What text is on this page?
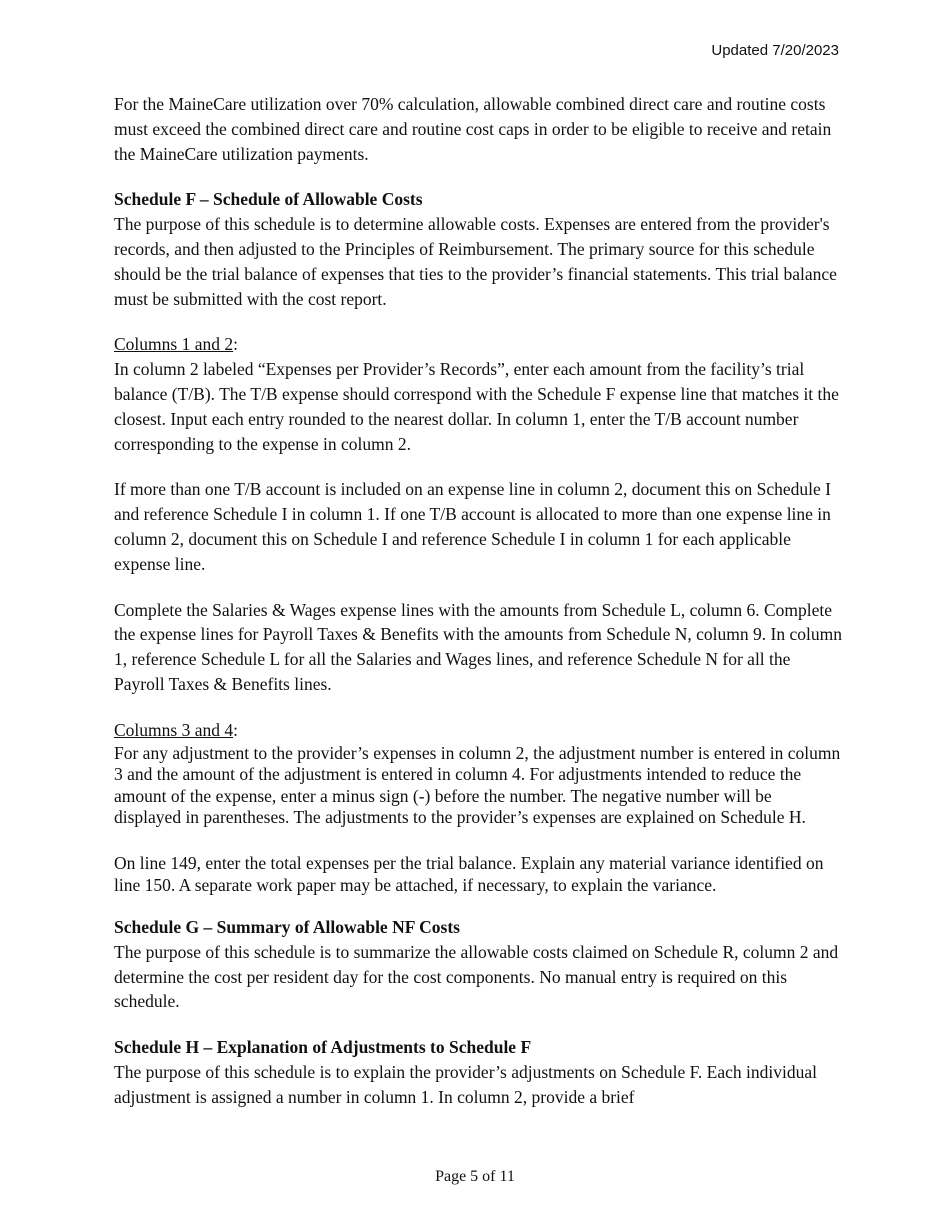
Updated 7/20/2023

For the MaineCare utilization over 70% calculation, allowable combined direct care and routine costs must exceed the combined direct care and routine cost caps in order to be eligible to receive and retain the MaineCare utilization payments.

Schedule F – Schedule of Allowable Costs

The purpose of this schedule is to determine allowable costs. Expenses are entered from the provider's records, and then adjusted to the Principles of Reimbursement. The primary source for this schedule should be the trial balance of expenses that ties to the provider’s financial statements. This trial balance must be submitted with the cost report.

Columns 1 and 2:

In column 2 labeled “Expenses per Provider’s Records”, enter each amount from the facility’s trial balance (T/B). The T/B expense should correspond with the Schedule F expense line that matches it the closest. Input each entry rounded to the nearest dollar. In column 1, enter the T/B account number corresponding to the expense in column 2.

If more than one T/B account is included on an expense line in column 2, document this on Schedule I and reference Schedule I in column 1. If one T/B account is allocated to more than one expense line in column 2, document this on Schedule I and reference Schedule I in column 1 for each applicable expense line.

Complete the Salaries & Wages expense lines with the amounts from Schedule L, column 6. Complete the expense lines for Payroll Taxes & Benefits with the amounts from Schedule N, column 9. In column 1, reference Schedule L for all the Salaries and Wages lines, and reference Schedule N for all the Payroll Taxes & Benefits lines.

Columns 3 and 4:

For any adjustment to the provider’s expenses in column 2, the adjustment number is entered in column 3 and the amount of the adjustment is entered in column 4. For adjustments intended to reduce the amount of the expense, enter a minus sign (-) before the number. The negative number will be displayed in parentheses. The adjustments to the provider’s expenses are explained on Schedule H.

On line 149, enter the total expenses per the trial balance. Explain any material variance identified on line 150. A separate work paper may be attached, if necessary, to explain the variance.

Schedule G – Summary of Allowable NF Costs

The purpose of this schedule is to summarize the allowable costs claimed on Schedule R, column 2 and determine the cost per resident day for the cost components. No manual entry is required on this schedule.

Schedule H – Explanation of Adjustments to Schedule F

The purpose of this schedule is to explain the provider’s adjustments on Schedule F. Each individual adjustment is assigned a number in column 1. In column 2, provide a brief

Page 5 of 11
